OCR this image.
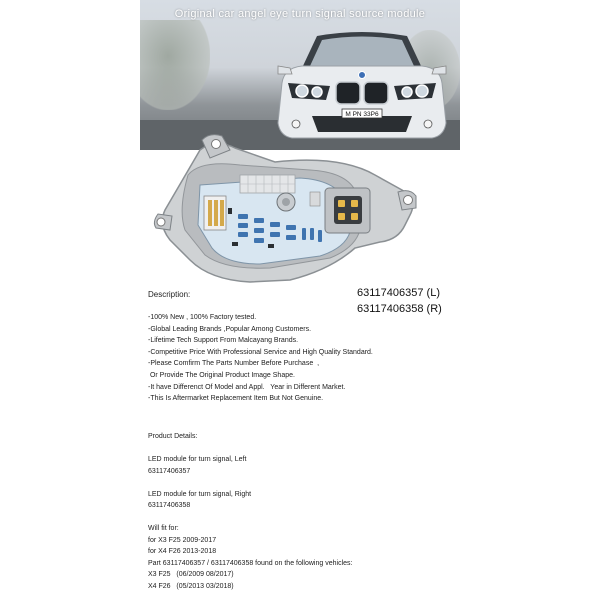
M PN 33P6
Original car angel eye turn signal source module
63117406357 (L)
63117406358 (R)
Description:
-100% New , 100% Factory tested.
-Global Leading Brands ,Popular Among Customers.
-Lifetime Tech Support From Malcayang Brands.
-Competitive Price With Professional Service and High Quality Standard.
-Please Comfirm The Parts Number Before Purchase  ,
Or Provide The Original Product Image Shape.
-It have Differenct Of Model and Appl.   Year in Different Market.
-This Is Aftermarket Replacement Item But Not Genuine.
Product Details:
LED module for turn signal, Left
63117406357
LED module for turn signal, Right
63117406358
Will fit for:
for X3 F25 2009-2017
for X4 F26 2013-2018
Part 63117406357 / 63117406358 found on the following vehicles:
X3 F25   (06/2009 08/2017)
X4 F26   (05/2013 03/2018)
